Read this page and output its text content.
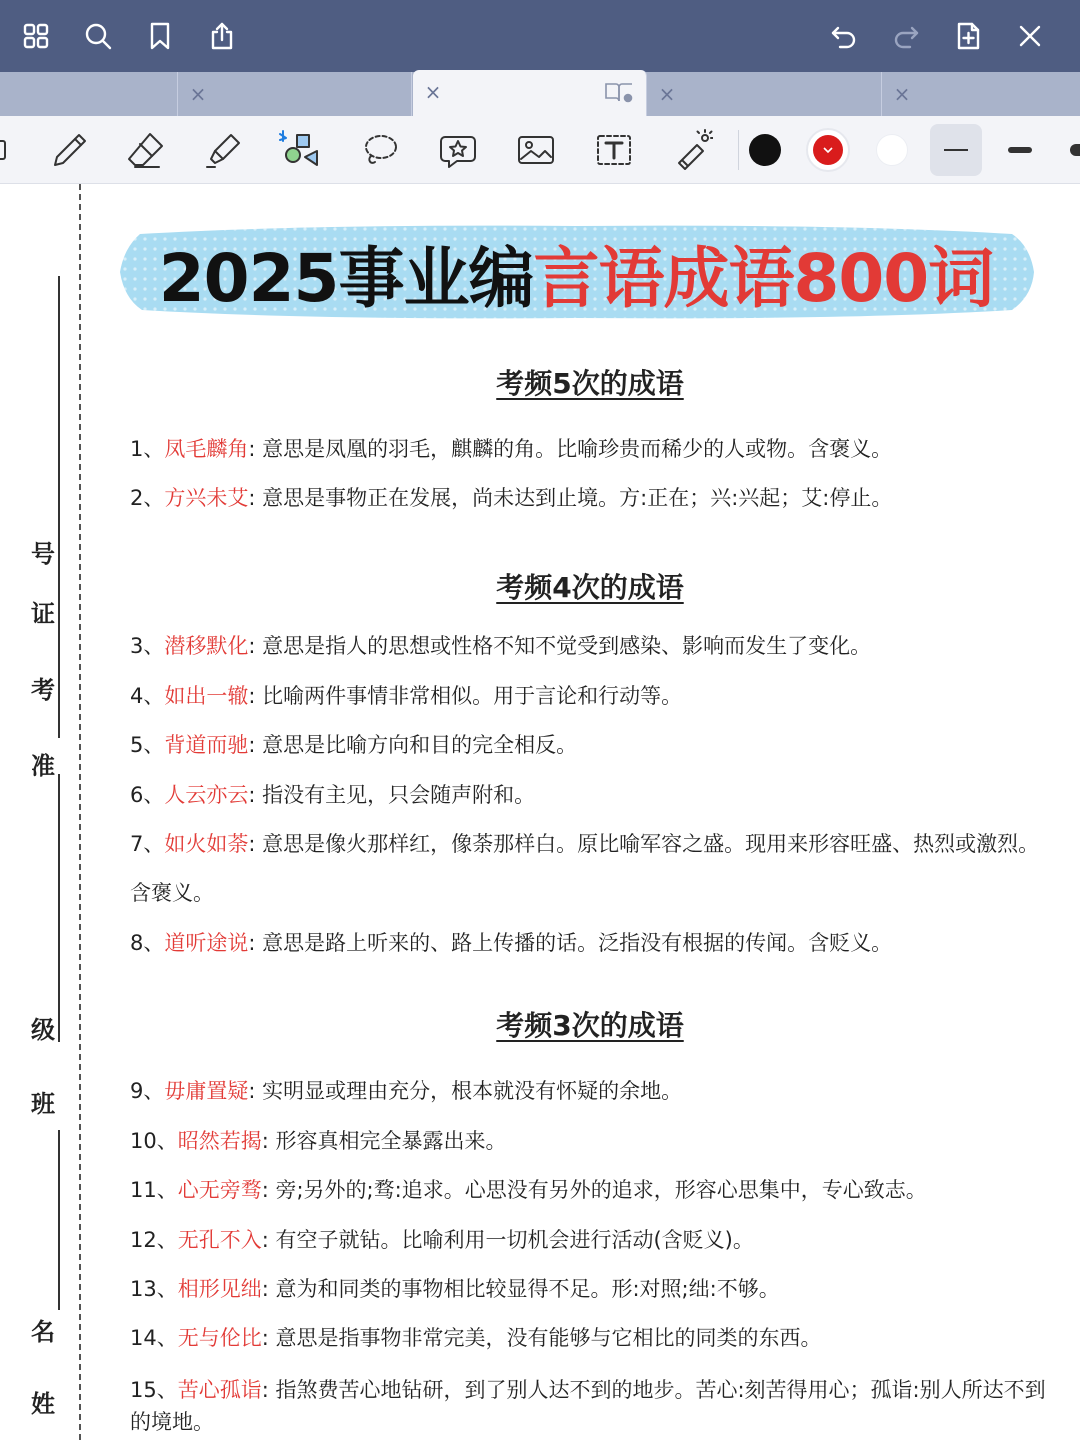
×	×	×	×
号
证
考
准
级
班
名
姓
2025事业编 言语成语800词
考频5次的成语
1、凤毛麟角: 意思是凤凰的羽毛，麒麟的角。比喻珍贵而稀少的人或物。含褒义。
2、方兴未艾: 意思是事物正在发展，尚未达到止境。方:正在；兴:兴起；艾:停止。
考频4次的成语
3、潜移默化: 意思是指人的思想或性格不知不觉受到感染、影响而发生了变化。
4、如出一辙: 比喻两件事情非常相似。用于言论和行动等。
5、背道而驰: 意思是比喻方向和目的完全相反。
6、人云亦云: 指没有主见，只会随声附和。
7、如火如荼: 意思是像火那样红，像荼那样白。原比喻军容之盛。现用来形容旺盛、热烈或激烈。含褒义。
8、道听途说: 意思是路上听来的、路上传播的话。泛指没有根据的传闻。含贬义。
考频3次的成语
9、毋庸置疑: 实明显或理由充分，根本就没有怀疑的余地。
10、昭然若揭: 形容真相完全暴露出来。
11、心无旁骛: 旁;另外的;骛:追求。心思没有另外的追求，形容心思集中，专心致志。
12、无孔不入: 有空子就钻。比喻利用一切机会进行活动(含贬义)。
13、相形见绌: 意为和同类的事物相比较显得不足。形:对照;绌:不够。
14、无与伦比: 意思是指事物非常完美，没有能够与它相比的同类的东西。
15、苦心孤诣: 指煞费苦心地钻研，到了别人达不到的地步。苦心:刻苦得用心；孤诣:别人所达不到的境地。
